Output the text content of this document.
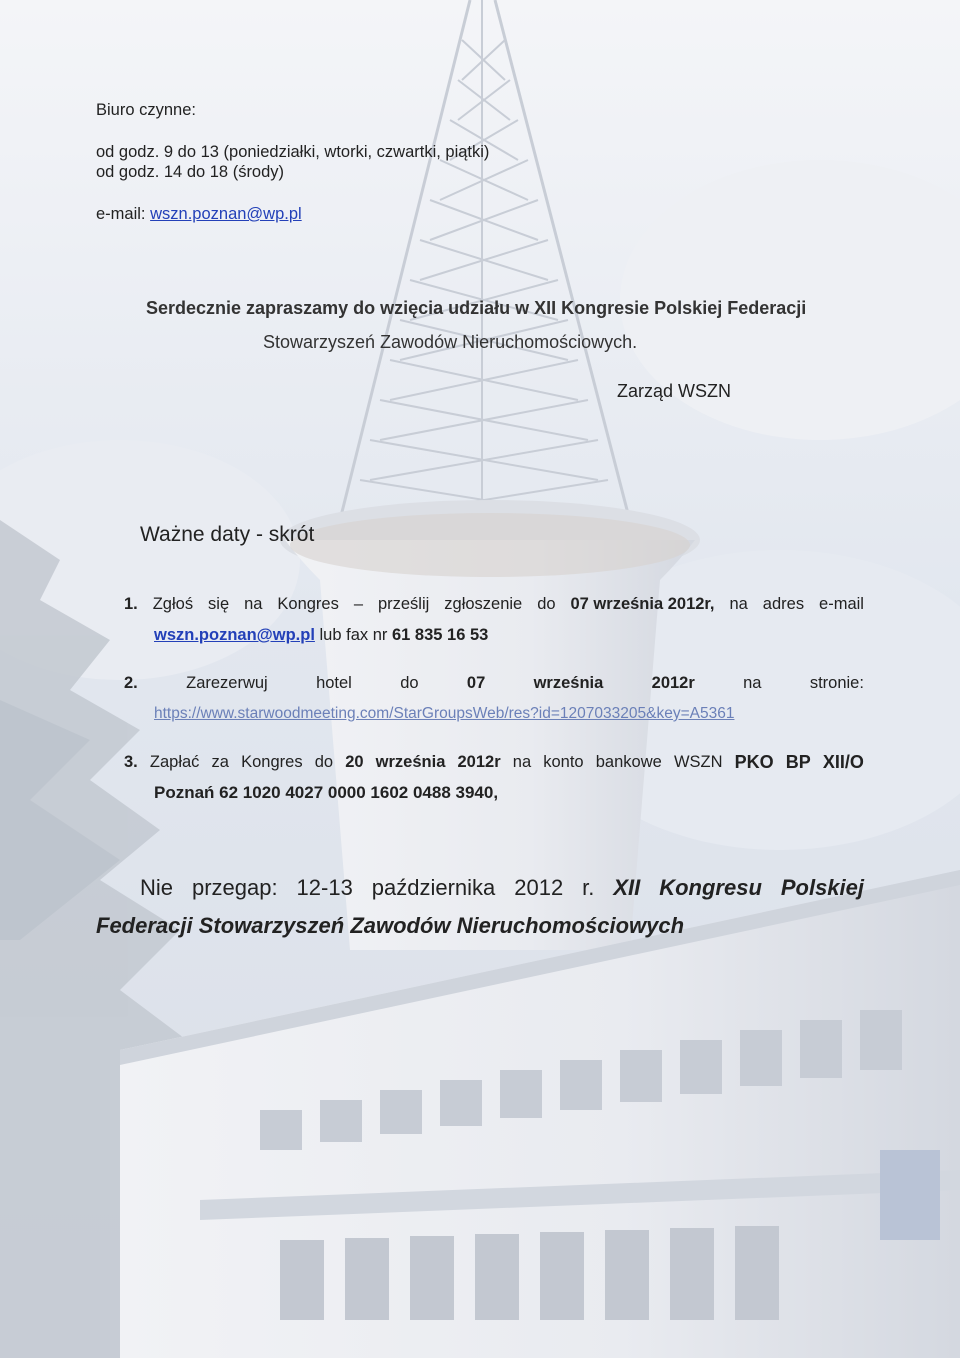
Biuro czynne:
od godz. 9 do 13 (poniedziałki, wtorki, czwartki, piątki)
od godz. 14 do 18 (środy)
e-mail: wszn.poznan@wp.pl
Serdecznie zapraszamy do wzięcia udziału w XII Kongresie Polskiej Federacji
Stowarzyszeń Zawodów Nieruchomościowych.
Zarząd WSZN
Ważne daty - skrót
1. Zgłoś się na Kongres – prześlij zgłoszenie do 07 września 2012r, na adres e-mail
wszn.poznan@wp.pl lub fax nr 61 835 16 53
2.	Zarezerwuj	hotel	do	07	września	2012r	na	stronie:
https://www.starwoodmeeting.com/StarGroupsWeb/res?id=1207033205&key=A5361
3. Zapłać za Kongres do 20 września 2012r na konto bankowe WSZN PKO BP XII/O
Poznań 62 1020 4027 0000 1602 0488 3940,
Nie przegap: 12-13 października 2012 r. XII Kongresu Polskiej
Federacji Stowarzyszeń Zawodów Nieruchomościowych
